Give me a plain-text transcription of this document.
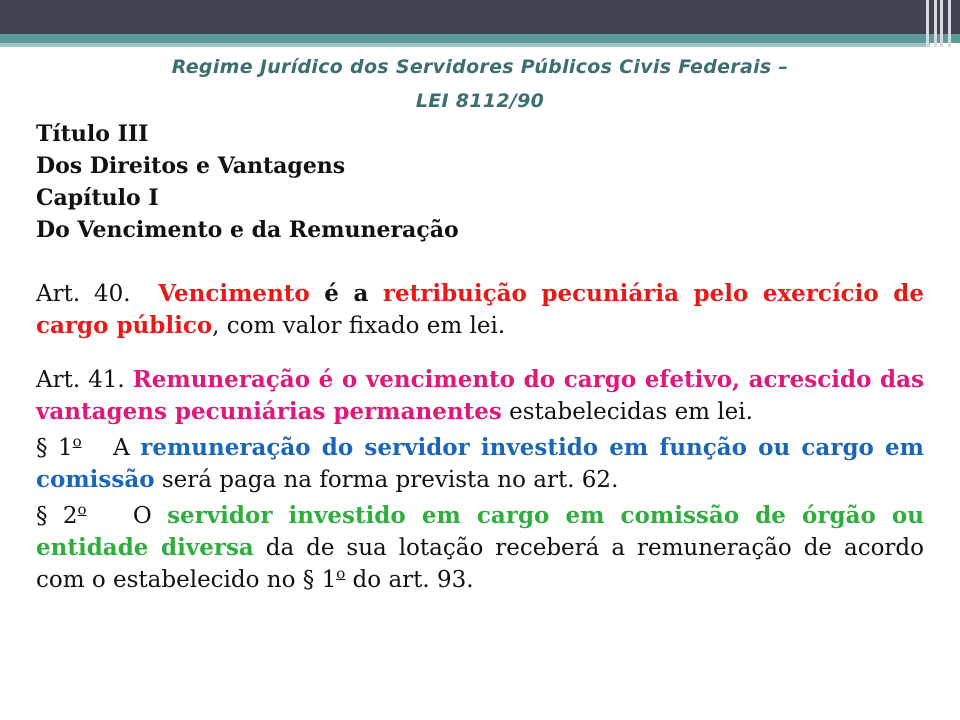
Regime Jurídico dos Servidores Públicos Civis Federais –
LEI 8112/90
Título III
Dos Direitos e Vantagens
Capítulo I
Do Vencimento e da Remuneração
Art. 40. Vencimento é a retribuição pecuniária pelo exercício de cargo público, com valor fixado em lei.
Art. 41. Remuneração é o vencimento do cargo efetivo, acrescido das vantagens pecuniárias permanentes estabelecidas em lei.
§ 1$^o$ A remuneração do servidor investido em função ou cargo em comissão será paga na forma prevista no art. 62.
§ 2$^o$ O servidor investido em cargo em comissão de órgão ou entidade diversa da de sua lotação receberá a remuneração de acordo com o estabelecido no § 1$^o$ do art. 93.
